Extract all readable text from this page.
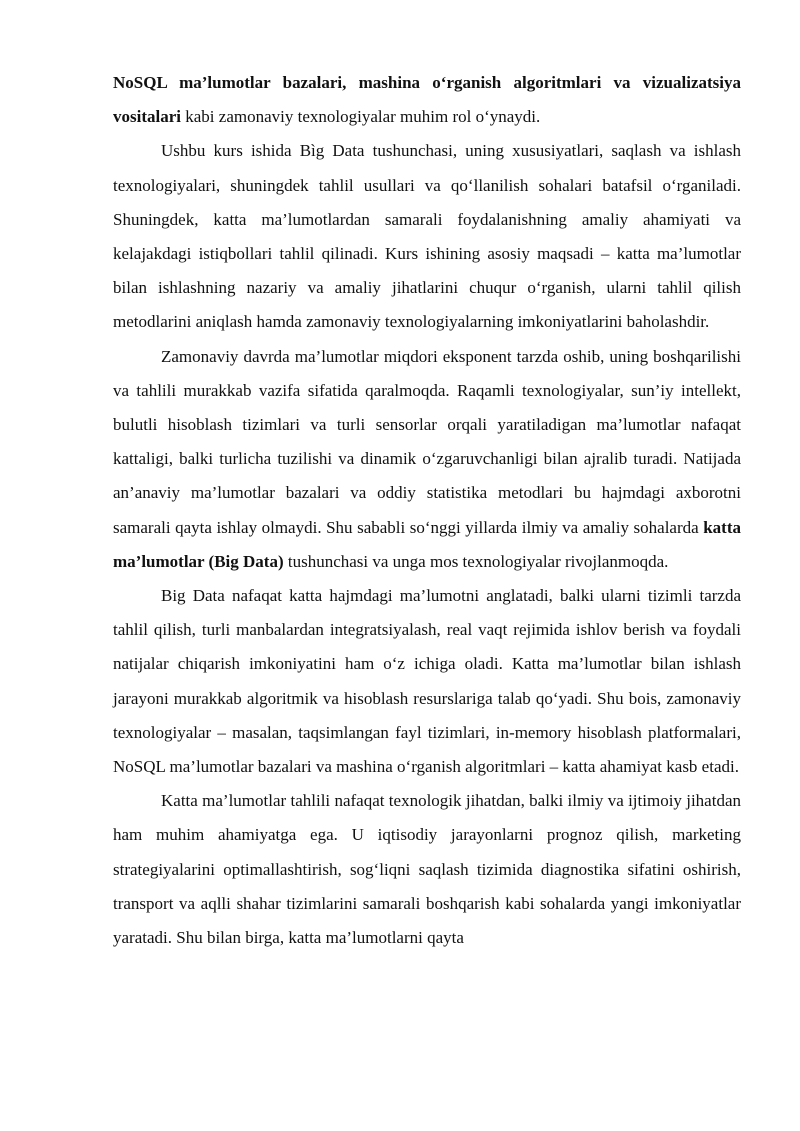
NoSQL ma’lumotlar bazalari, mashina o‘rganish algoritmlari va vizualizatsiya vositalari kabi zamonaviy texnologiyalar muhim rol o‘ynaydi.

Ushbu kurs ishida Bìg Data tushunchasi, uning xususiyatlari, saqlash va ishlash texnologiyalari, shuningdek tahlil usullari va qo‘llanilish sohalari batafsil o‘rganiladi. Shuningdek, katta ma’lumotlardan samarali foydalanishning amaliy ahamiyati va kelajakdagi istiqbollari tahlil qilinadi. Kurs ishining asosiy maqsadi – katta ma’lumotlar bilan ishlashning nazariy va amaliy jihatlarini chuqur o‘rganish, ularni tahlil qilish metodlarini aniqlash hamda zamonaviy texnologiyalarning imkoniyatlarini baholashdir.

Zamonaviy davrda ma’lumotlar miqdori eksponent tarzda oshib, uning boshqarilishi va tahlili murakkab vazifa sifatida qaralmoqda. Raqamli texnologiyalar, sun’iy intellekt, bulutli hisoblash tizimlari va turli sensorlar orqali yaratiladigan ma’lumotlar nafaqat kattaligi, balki turlicha tuzilishi va dinamik o‘zgaruvchanligi bilan ajralib turadi. Natijada an’anaviy ma’lumotlar bazalari va oddiy statistika metodlari bu hajmdagi axborotni samarali qayta ishlay olmaydi. Shu sababli so‘nggi yillarda ilmiy va amaliy sohalarda katta ma’lumotlar (Big Data) tushunchasi va unga mos texnologiyalar rivojlanmoqda.

Big Data nafaqat katta hajmdagi ma’lumotni anglatadi, balki ularni tizimli tarzda tahlil qilish, turli manbalardan integratsiyalash, real vaqt rejimida ishlov berish va foydali natijalar chiqarish imkoniyatini ham o‘z ichiga oladi. Katta ma’lumotlar bilan ishlash jarayoni murakkab algoritmik va hisoblash resurslariga talab qo‘yadi. Shu bois, zamonaviy texnologiyalar – masalan, taqsimlangan fayl tizimlari, in-memory hisoblash platformalari, NoSQL ma’lumotlar bazalari va mashina o‘rganish algoritmlari – katta ahamiyat kasb etadi.

Katta ma’lumotlar tahlili nafaqat texnologik jihatdan, balki ilmiy va ijtimoiy jihatdan ham muhim ahamiyatga ega. U iqtisodiy jarayonlarni prognoz qilish, marketing strategiyalarini optimallashtirish, sog‘liqni saqlash tizimida diagnostika sifatini oshirish, transport va aqlli shahar tizimlarini samarali boshqarish kabi sohalarda yangi imkoniyatlar yaratadi. Shu bilan birga, katta ma’lumotlarni qayta
